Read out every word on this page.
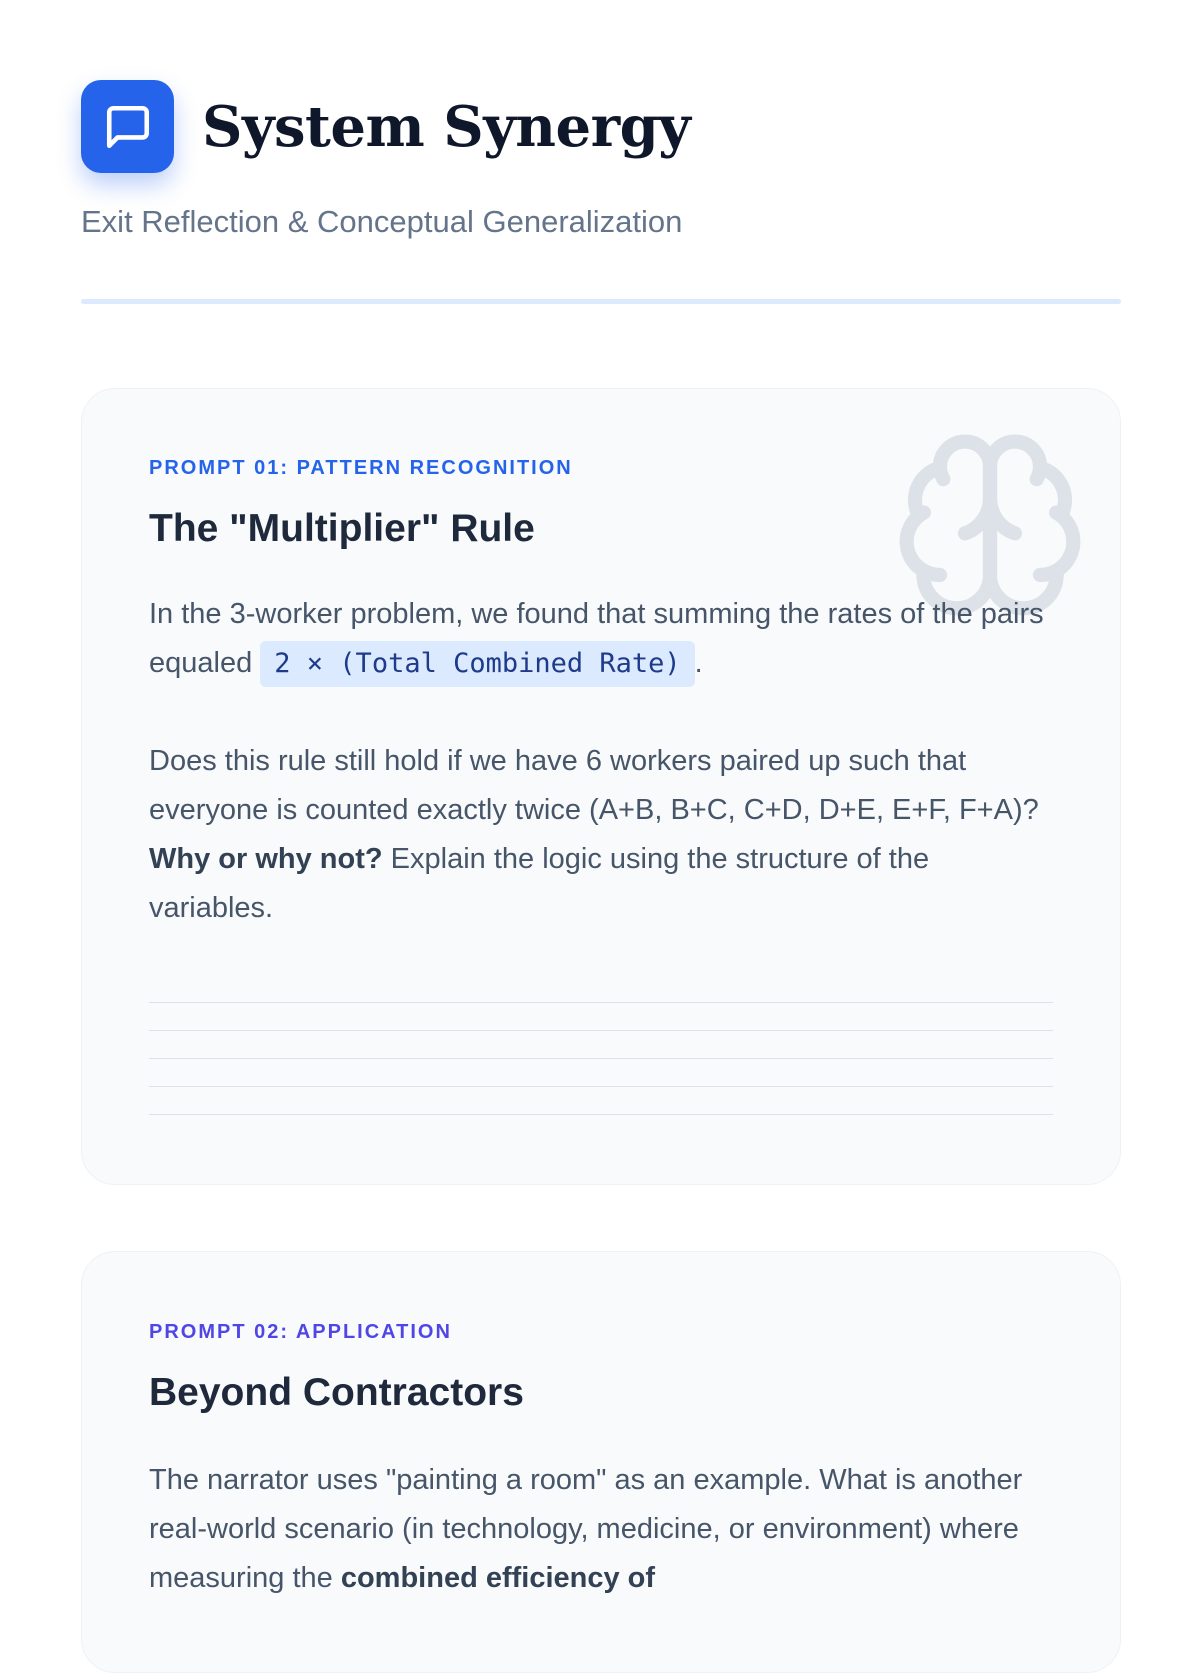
System Synergy

Exit Reflection & Conceptual Generalization

PROMPT 01: PATTERN RECOGNITION

The "Multiplier" Rule

In the 3-worker problem, we found that summing the rates of the pairs equaled 2 × (Total Combined Rate) .

Does this rule still hold if we have 6 workers paired up such that everyone is counted exactly twice (A+B, B+C, C+D, D+E, E+F, F+A)? Why or why not? Explain the logic using the structure of the variables.

PROMPT 02: APPLICATION

Beyond Contractors

The narrator uses "painting a room" as an example. What is another real-world scenario (in technology, medicine, or environment) where measuring the combined efficiency of
